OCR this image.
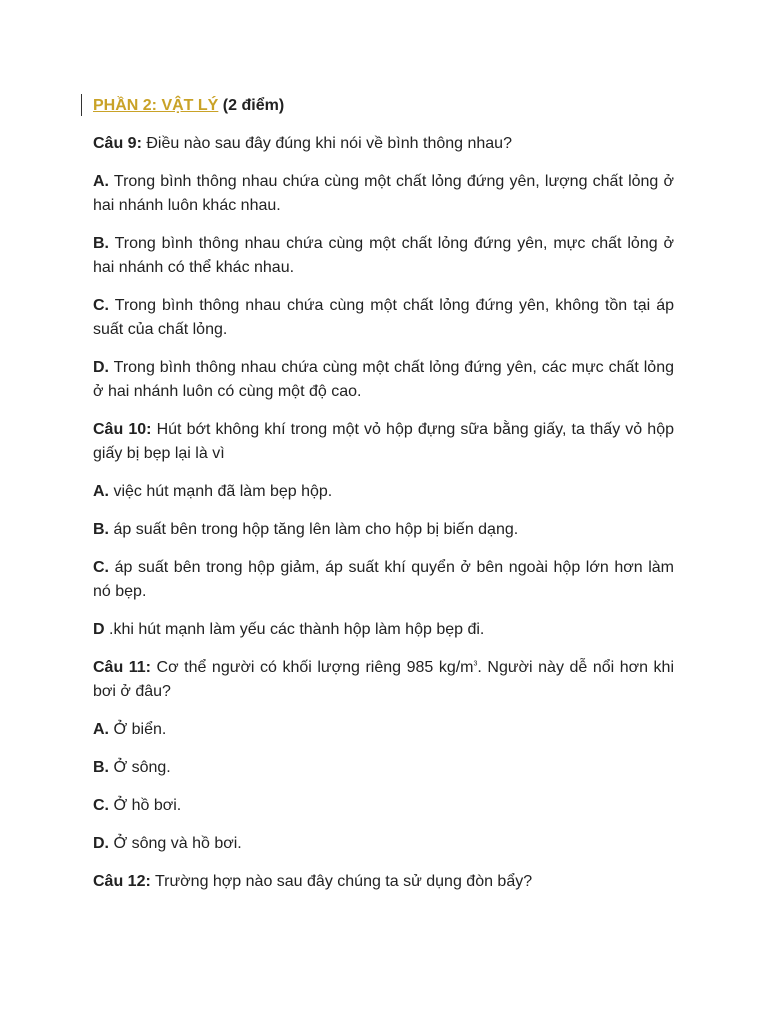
PHẦN 2: VẬT LÝ (2 điểm)

Câu 9: Điều nào sau đây đúng khi nói về bình thông nhau?

A. Trong bình thông nhau chứa cùng một chất lỏng đứng yên, lượng chất lỏng ở hai nhánh luôn khác nhau.

B. Trong bình thông nhau chứa cùng một chất lỏng đứng yên, mực chất lỏng ở hai nhánh có thể khác nhau.

C. Trong bình thông nhau chứa cùng một chất lỏng đứng yên, không tồn tại áp suất của chất lỏng.

D. Trong bình thông nhau chứa cùng một chất lỏng đứng yên, các mực chất lỏng ở hai nhánh luôn có cùng một độ cao.

Câu 10: Hút bớt không khí trong một vỏ hộp đựng sữa bằng giấy, ta thấy vỏ hộp giấy bị bẹp lại là vì

A. việc hút mạnh đã làm bẹp hộp.

B. áp suất bên trong hộp tăng lên làm cho hộp bị biến dạng.

C. áp suất bên trong hộp giảm, áp suất khí quyển ở bên ngoài hộp lớn hơn làm nó bẹp.

D .khi hút mạnh làm yếu các thành hộp làm hộp bẹp đi.

Câu 11: Cơ thể người có khối lượng riêng 985 $kg/m^3$. Người này dễ nổi hơn khi bơi ở đâu?

A. Ở biển.

B. Ở sông.

C. Ở hồ bơi.

D. Ở sông và hồ bơi.

Câu 12: Trường hợp nào sau đây chúng ta sử dụng đòn bẩy?
